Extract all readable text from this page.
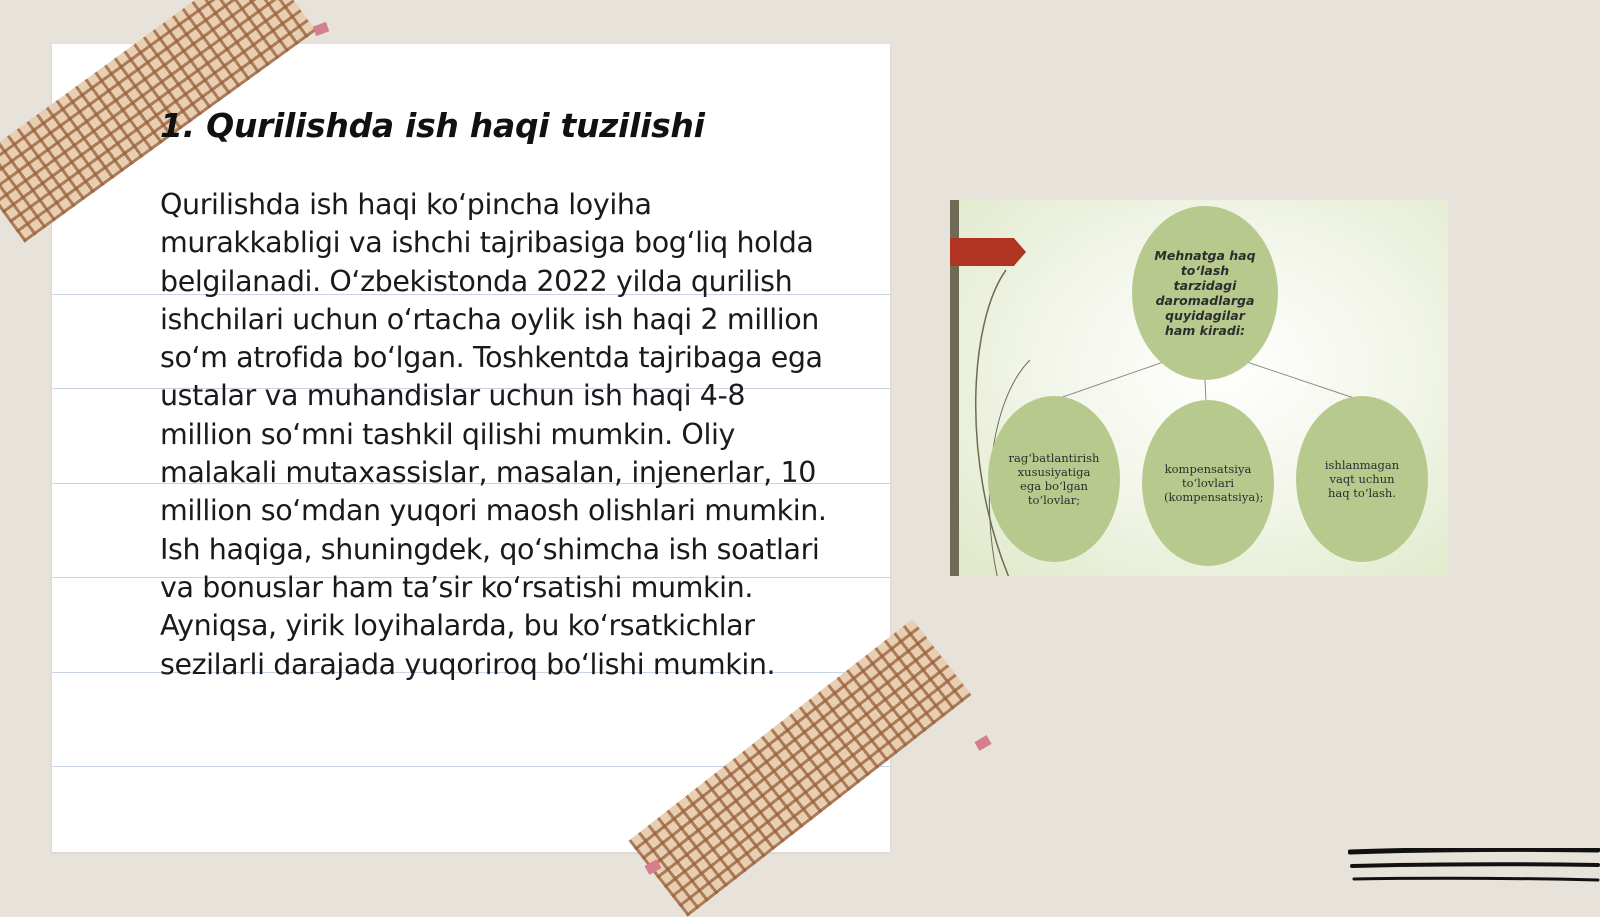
1. Qurilishda ish haqi tuzilishi

Qurilishda ish haqi ko‘pincha loyiha murakkabligi va ishchi tajribasiga bog‘liq holda belgilanadi. O‘zbekistonda 2022 yilda qurilish ishchilari uchun o‘rtacha oylik ish haqi 2 million so‘m atrofida bo‘lgan. Toshkentda tajribaga ega ustalar va muhandislar uchun ish haqi 4-8 million so‘mni tashkil qilishi mumkin. Oliy malakali mutaxassislar, masalan, injenerlar, 10 million so‘mdan yuqori maosh olishlari mumkin. Ish haqiga, shuningdek, qo‘shimcha ish soatlari va bonuslar ham ta’sir ko‘rsatishi mumkin. Ayniqsa, yirik loyihalarda, bu ko‘rsatkichlar sezilarli darajada yuqoriroq bo‘lishi mumkin.

Mehnatga haq to‘lash tarzidagi daromadlarga quyidagilar ham kiradi:
rag‘batlantirish xususiyatiga ega bo‘lgan to‘lovlar;
kompensatsiya to‘lovlari (kompensatsiya);
ishlanmagan vaqt uchun haq to‘lash.
